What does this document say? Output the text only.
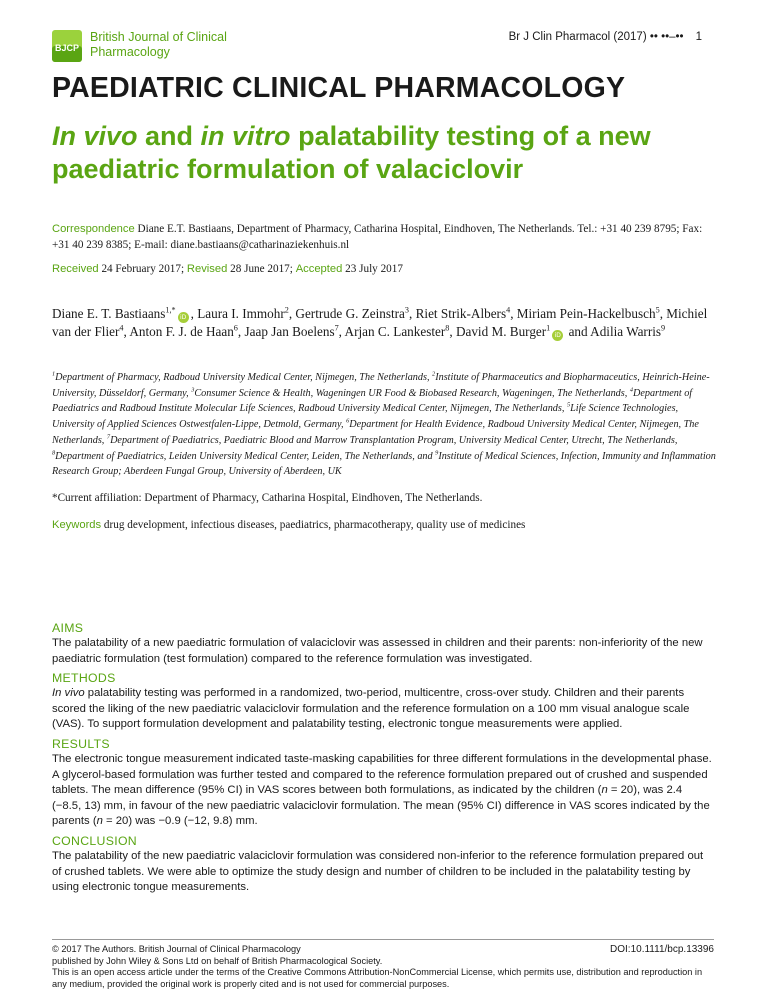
BJCP
British Journal of Clinical Pharmacology
Br J Clin Pharmacol (2017) •• ••–•• 1
PAEDIATRIC CLINICAL PHARMACOLOGY
In vivo and in vitro palatability testing of a new paediatric formulation of valaciclovir
Correspondence Diane E.T. Bastiaans, Department of Pharmacy, Catharina Hospital, Eindhoven, The Netherlands. Tel.: +31 40 239 8795; Fax: +31 40 239 8385; E-mail: diane.bastiaans@catharinaziekenhuis.nl
Received 24 February 2017; Revised 28 June 2017; Accepted 23 July 2017
Diane E. T. Bastiaans$^{1,*}$iD , Laura I. Immohr$^2$, Gertrude G. Zeinstra$^3$, Riet Strik-Albers$^4$, Miriam Pein-Hackelbusch$^5$, Michiel van der Flier$^4$, Anton F. J. de Haan$^6$, Jaap Jan Boelens$^7$, Arjan C. Lankester$^8$, David M. Burger$^1$iD and Adilia Warris$^9$
$^1$Department of Pharmacy, Radboud University Medical Center, Nijmegen, The Netherlands, $^2$Institute of Pharmaceutics and Biopharmaceutics, Heinrich-Heine-University, Düsseldorf, Germany, $^3$Consumer Science & Health, Wageningen UR Food & Biobased Research, Wageningen, The Netherlands, $^4$Department of Paediatrics and Radboud Institute Molecular Life Sciences, Radboud University Medical Center, Nijmegen, The Netherlands, $^5$Life Science Technologies, University of Applied Sciences Ostwestfalen-Lippe, Detmold, Germany, $^6$Department for Health Evidence, Radboud University Medical Center, Nijmegen, The Netherlands, $^7$Department of Paediatrics, Paediatric Blood and Marrow Transplantation Program, University Medical Center, Utrecht, The Netherlands, $^8$Department of Paediatrics, Leiden University Medical Center, Leiden, The Netherlands, and $^9$Institute of Medical Sciences, Infection, Immunity and Inflammation Research Group; Aberdeen Fungal Group, University of Aberdeen, UK
*Current affiliation: Department of Pharmacy, Catharina Hospital, Eindhoven, The Netherlands.
Keywords drug development, infectious diseases, paediatrics, pharmacotherapy, quality use of medicines
AIMS

The palatability of a new paediatric formulation of valaciclovir was assessed in children and their parents: non-inferiority of the new paediatric formulation (test formulation) compared to the reference formulation was investigated.

METHODS

In vivo palatability testing was performed in a randomized, two-period, multicentre, cross-over study. Children and their parents scored the liking of the new paediatric valaciclovir formulation and the reference formulation on a 100 mm visual analogue scale (VAS). To support formulation development and palatability testing, electronic tongue measurements were applied.

RESULTS

The electronic tongue measurement indicated taste-masking capabilities for three different formulations in the developmental phase. A glycerol-based formulation was further tested and compared to the reference formulation prepared out of crushed and suspended tablets. The mean difference (95% CI) in VAS scores between both formulations, as indicated by the children (n = 20), was 2.4 (−8.5, 13) mm, in favour of the new paediatric valaciclovir formulation. The mean (95% CI) difference in VAS scores indicated by the parents (n = 20) was −0.9 (−12, 9.8) mm.

CONCLUSION

The palatability of the new paediatric valaciclovir formulation was considered non-inferior to the reference formulation prepared out of crushed tablets. We were able to optimize the study design and number of children to be included in the palatability testing by using electronic tongue measurements.

© 2017 The Authors. British Journal of Clinical Pharmacology	DOI:10.1111/bcp.13396
published by John Wiley & Sons Ltd on behalf of British Pharmacological Society.
This is an open access article under the terms of the Creative Commons Attribution-NonCommercial License, which permits use, distribution and reproduction in any medium, provided the original work is properly cited and is not used for commercial purposes.
